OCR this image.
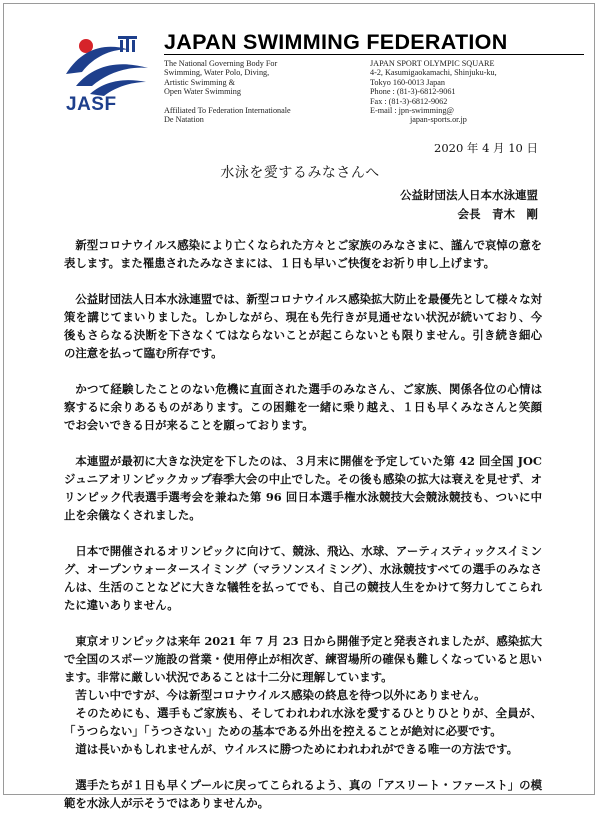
JASF
JAPAN SWIMMING FEDERATION
The National Governing Body For
Swimming, Water Polo, Diving,
Artistic Swimming &
Open Water Swimming
Affiliated To Federation Internationale
De Natation
JAPAN SPORT OLYMPIC SQUARE
4-2, Kasumigaokamachi, Shinjuku-ku,
Tokyo 160-0013 Japan
Phone : (81-3)-6812-9061
Fax : (81-3)-6812-9062
E-mail : jpn-swimming@
japan-sports.or.jp
2020 年 4 月 10 日
水泳を愛するみなさんへ
公益財団法人日本水泳連盟
会長　青木　剛

新型コロナウイルス感染により亡くなられた方々とご家族のみなさまに、謹んで哀悼の意を表します。また罹患されたみなさまには、１日も早いご快復をお祈り申し上げます。

公益財団法人日本水泳連盟では、新型コロナウイルス感染拡大防止を最優先として様々な対策を講じてまいりました。しかしながら、現在も先行きが見通せない状況が続いており、今後もさらなる決断を下さなくてはならないことが起こらないとも限りません。引き続き細心の注意を払って臨む所存です。

かつて経験したことのない危機に直面された選手のみなさん、ご家族、関係各位の心情は察するに余りあるものがあります。この困難を一緒に乗り越え、１日も早くみなさんと笑顔でお会いできる日が来ることを願っております。

本連盟が最初に大きな決定を下したのは、３月末に開催を予定していた第 42 回全国 JOC ジュニアオリンピックカップ春季大会の中止でした。その後も感染の拡大は衰えを見せず、オリンピック代表選手選考会を兼ねた第 96 回日本選手権水泳競技大会競泳競技も、ついに中止を余儀なくされました。

日本で開催されるオリンピックに向けて、競泳、飛込、水球、アーティスティックスイミング、オープンウォータースイミング（マラソンスイミング）、水泳競技すべての選手のみなさんは、生活のことなどに大きな犠牲を払ってでも、自己の競技人生をかけて努力してこられたに違いありません。

東京オリンピックは来年 2021 年 7 月 23 日から開催予定と発表されましたが、感染拡大で全国のスポーツ施設の営業・使用停止が相次ぎ、練習場所の確保も難しくなっていると思います。非常に厳しい状況であることは十二分に理解しています。

苦しい中ですが、今は新型コロナウイルス感染の終息を待つ以外にありません。

そのためにも、選手もご家族も、そしてわれわれ水泳を愛するひとりひとりが、全員が、「うつらない」「うつさない」ための基本である外出を控えることが絶対に必要です。

道は長いかもしれませんが、ウイルスに勝つためにわれわれができる唯一の方法です。

選手たちが１日も早くプールに戻ってこられるよう、真の「アスリート・ファースト」の模範を水泳人が示そうではありませんか。
